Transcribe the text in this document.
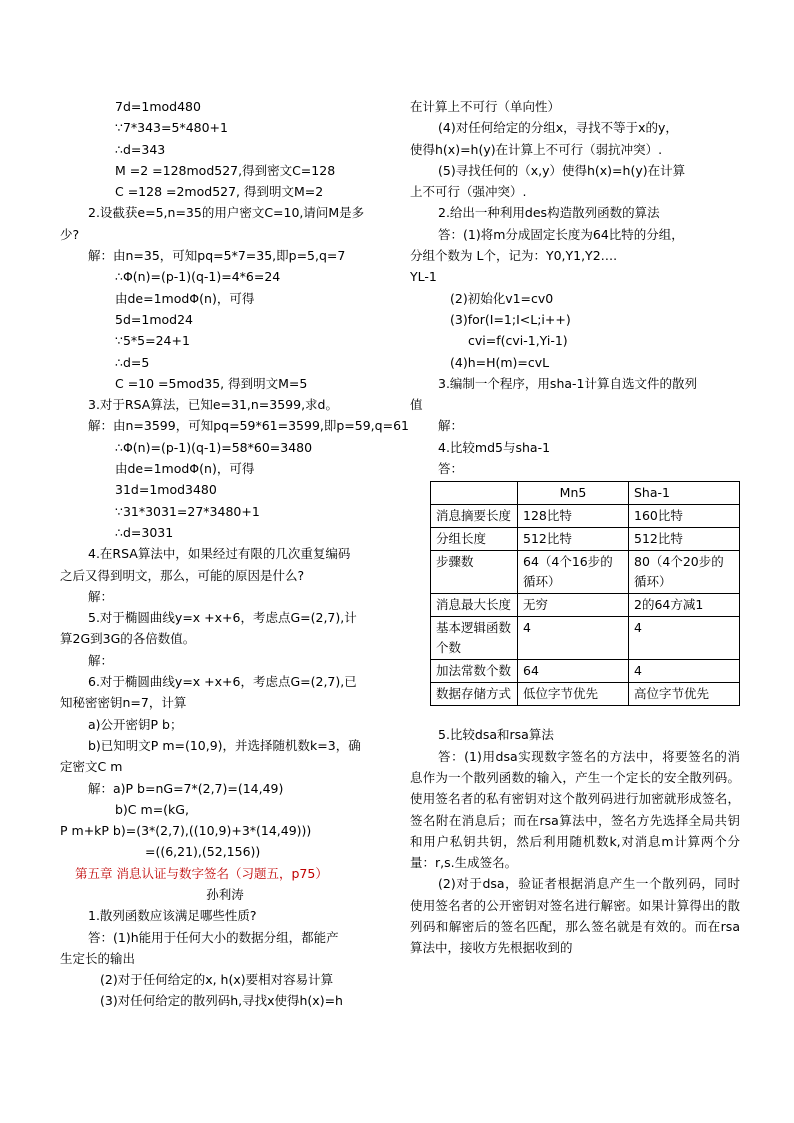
7d=1mod480
∵7*343=5*480+1
∴d=343
M =2 =128mod527,得到密文C=128
C =128 =2mod527, 得到明文M=2
2.设截获e=5,n=35的用户密文C=10,请问M是多
少?
解：由n=35，可知pq=5*7=35,即p=5,q=7
∴Φ(n)=(p-1)(q-1)=4*6=24
由de=1modΦ(n)，可得
5d=1mod24
∵5*5=24+1
∴d=5
C =10 =5mod35, 得到明文M=5
3.对于RSA算法，已知e=31,n=3599,求d。
解：由n=3599，可知pq=59*61=3599,即p=59,q=61
∴Φ(n)=(p-1)(q-1)=58*60=3480
由de=1modΦ(n)，可得
31d=1mod3480
∵31*3031=27*3480+1
∴d=3031
4.在RSA算法中，如果经过有限的几次重复编码
之后又得到明文，那么，可能的原因是什么?
解：
5.对于椭圆曲线y=x +x+6，考虑点G=(2,7),计
算2G到3G的各倍数值。
解：
6.对于椭圆曲线y=x +x+6，考虑点G=(2,7),已
知秘密密钥n=7，计算
a)公开密钥P b；
b)已知明文P m=(10,9)，并选择随机数k=3，确
定密文C m
解：a)P b=nG=7*(2,7)=(14,49)
b)C m=(kG,
P m+kP b)=(3*(2,7),((10,9)+3*(14,49)))
=((6,21),(52,156))
第五章 消息认证与数字签名（习题五，p75）
孙利涛
1.散列函数应该满足哪些性质?
答：(1)h能用于任何大小的数据分组，都能产
生定长的输出
(2)对于任何给定的x, h(x)要相对容易计算
(3)对任何给定的散列码h,寻找x使得h(x)=h
在计算上不可行（单向性）
(4)对任何给定的分组x，寻找不等于x的y，
使得h(x)=h(y)在计算上不可行（弱抗冲突）.
(5)寻找任何的（x,y）使得h(x)=h(y)在计算
上不可行（强冲突）.
2.给出一种利用des构造散列函数的算法
答：(1)将m分成固定长度为64比特的分组，
分组个数为 L个，记为：Y0,Y1,Y2….
YL-1
(2)初始化v1=cv0
(3)for(I=1;I<L;i++)
cvi=f(cvi-1,Yi-1)
(4)h=H(m)=cvL
3.编制一个程序，用sha-1计算自选文件的散列
值
解：
4.比较md5与sha-1
答：
	Mn5	Sha-1
消息摘要长度	128比特	160比特
分组长度	512比特	512比特
步骤数	64（4个16步的循环）	80（4个20步的循环）
消息最大长度	无穷	2的64方减1
基本逻辑函数个数	4	4
加法常数个数	64	4
数据存储方式	低位字节优先	高位字节优先
5.比较dsa和rsa算法
答：(1)用dsa实现数字签名的方法中，将要签名的消息作为一个散列函数的输入，产生一个定长的安全散列码。使用签名者的私有密钥对这个散列码进行加密就形成签名，签名附在消息后；而在rsa算法中，签名方先选择全局共钥和用户私钥共钥，然后利用随机数k,对消息m计算两个分量：r,s.生成签名。
(2)对于dsa，验证者根据消息产生一个散列码，同时使用签名者的公开密钥对签名进行解密。如果计算得出的散列码和解密后的签名匹配，那么签名就是有效的。而在rsa算法中，接收方先根据收到的
